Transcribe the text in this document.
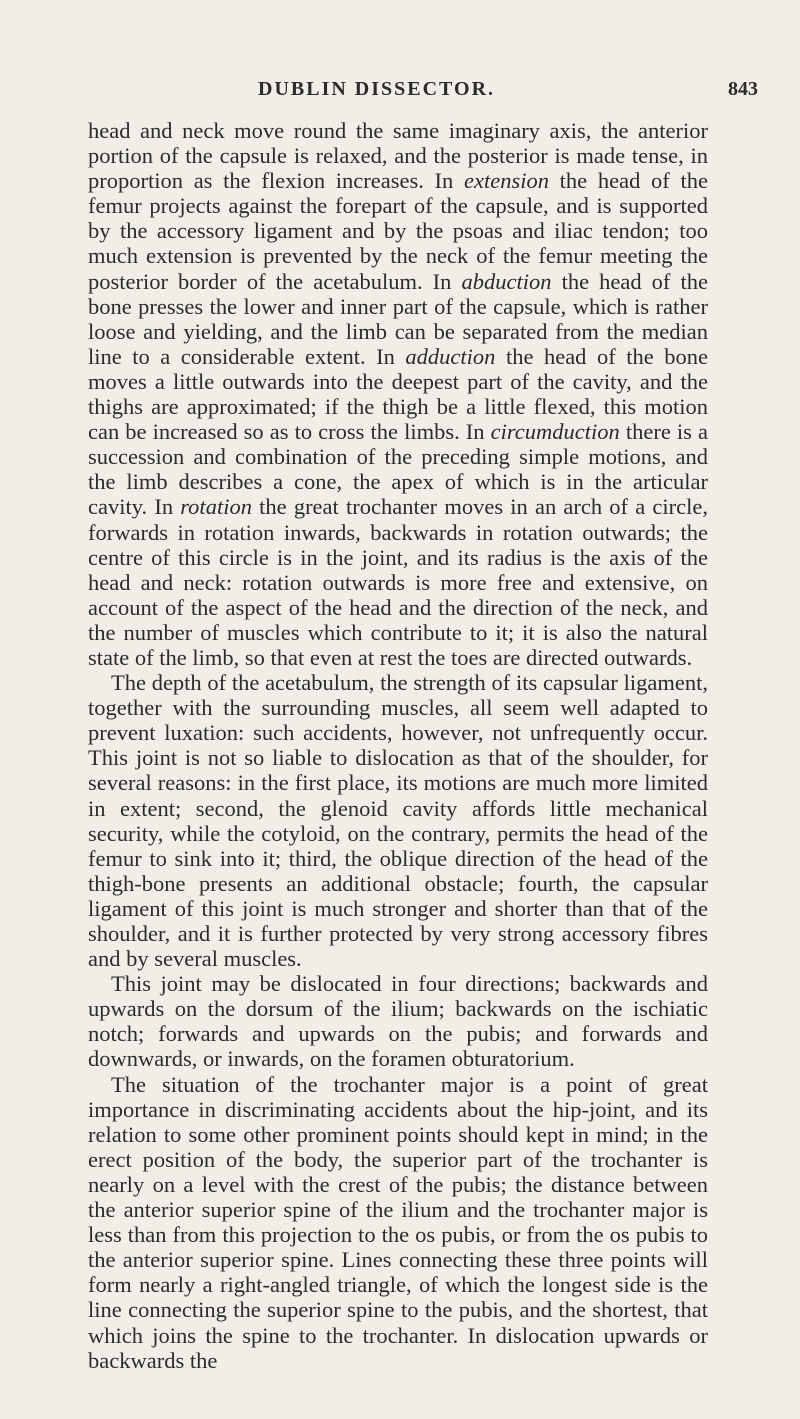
DUBLIN DISSECTOR.	843

head and neck move round the same imaginary axis, the anterior portion of the capsule is relaxed, and the posterior is made tense, in proportion as the flexion increases. In extension the head of the femur projects against the forepart of the capsule, and is supported by the accessory ligament and by the psoas and iliac tendon; too much extension is prevented by the neck of the femur meeting the posterior border of the acetabulum. In abduction the head of the bone presses the lower and inner part of the capsule, which is rather loose and yielding, and the limb can be separated from the median line to a considerable extent. In adduction the head of the bone moves a little outwards into the deepest part of the cavity, and the thighs are approximated; if the thigh be a little flexed, this motion can be increased so as to cross the limbs. In circumduction there is a succession and combination of the preceding simple motions, and the limb describes a cone, the apex of which is in the articular cavity. In rotation the great trochanter moves in an arch of a circle, forwards in rotation inwards, backwards in rotation outwards; the centre of this circle is in the joint, and its radius is the axis of the head and neck: rotation outwards is more free and extensive, on account of the aspect of the head and the direction of the neck, and the number of muscles which contribute to it; it is also the natural state of the limb, so that even at rest the toes are directed outwards.

The depth of the acetabulum, the strength of its capsular ligament, together with the surrounding muscles, all seem well adapted to prevent luxation: such accidents, however, not unfrequently occur. This joint is not so liable to dislocation as that of the shoulder, for several reasons: in the first place, its motions are much more limited in extent; second, the glenoid cavity affords little mechanical security, while the cotyloid, on the contrary, permits the head of the femur to sink into it; third, the oblique direction of the head of the thigh-bone presents an additional obstacle; fourth, the capsular ligament of this joint is much stronger and shorter than that of the shoulder, and it is further protected by very strong accessory fibres and by several muscles.

This joint may be dislocated in four directions; backwards and upwards on the dorsum of the ilium; backwards on the ischiatic notch; forwards and upwards on the pubis; and forwards and downwards, or inwards, on the foramen obturatorium.

The situation of the trochanter major is a point of great importance in discriminating accidents about the hip-joint, and its relation to some other prominent points should kept in mind; in the erect position of the body, the superior part of the trochanter is nearly on a level with the crest of the pubis; the distance between the anterior superior spine of the ilium and the trochanter major is less than from this projection to the os pubis, or from the os pubis to the anterior superior spine. Lines connecting these three points will form nearly a right-angled triangle, of which the longest side is the line connecting the superior spine to the pubis, and the shortest, that which joins the spine to the trochanter. In dislocation upwards or backwards the
